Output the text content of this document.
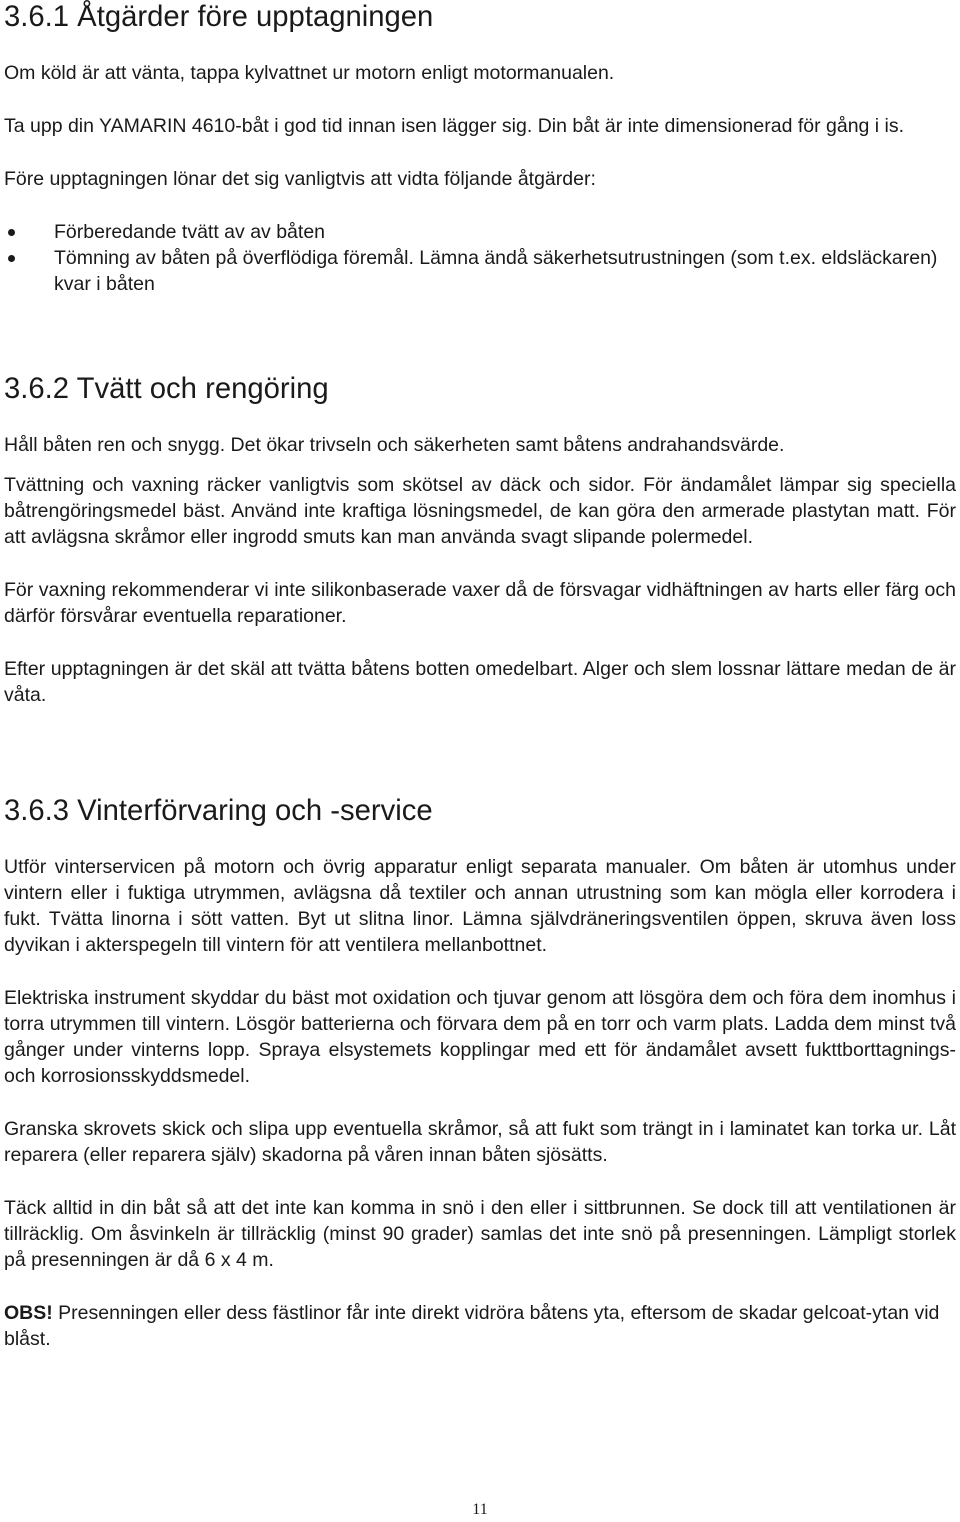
3.6.1 Åtgärder före upptagningen

Om köld är att vänta, tappa kylvattnet ur motorn enligt motormanualen.

Ta upp din YAMARIN 4610-båt i god tid innan isen lägger sig. Din båt är inte dimensionerad för gång i is.

Före upptagningen lönar det sig vanligtvis att vidta följande åtgärder:

Förberedande tvätt av av båten
Tömning av båten på överflödiga föremål. Lämna ändå säkerhetsutrustningen (som t.ex. eldsläckaren) kvar i båten
3.6.2 Tvätt och rengöring

Håll båten ren och snygg. Det ökar trivseln och säkerheten samt båtens andrahandsvärde.

Tvättning och vaxning räcker vanligtvis som skötsel av däck och sidor. För ändamålet lämpar sig speciella båtrengöringsmedel bäst. Använd inte kraftiga lösningsmedel, de kan göra den armerade plastytan matt. För att avlägsna skråmor eller ingrodd smuts kan man använda svagt slipande polermedel.

För vaxning rekommenderar vi inte silikonbaserade vaxer då de försvagar vidhäftningen av harts eller färg och därför försvårar eventuella reparationer.

Efter upptagningen är det skäl att tvätta båtens botten omedelbart. Alger och slem lossnar lättare medan de är våta.

3.6.3 Vinterförvaring och -service

Utför vinterservicen på motorn och övrig apparatur enligt separata manualer. Om båten är utomhus under vintern eller i fuktiga utrymmen, avlägsna då textiler och annan utrustning som kan mögla eller korrodera i fukt. Tvätta linorna i sött vatten. Byt ut slitna linor. Lämna självdräneringsventilen öppen, skruva även loss dyvikan i akterspegeln till vintern för att ventilera mellanbottnet.

Elektriska instrument skyddar du bäst mot oxidation och tjuvar genom att lösgöra dem och föra dem inomhus i torra utrymmen till vintern. Lösgör batterierna och förvara dem på en torr och varm plats. Ladda dem minst två gånger under vinterns lopp. Spraya elsystemets kopplingar med ett för ändamålet avsett fukttborttagnings- och korrosionsskyddsmedel.

Granska skrovets skick och slipa upp eventuella skråmor, så att fukt som trängt in i laminatet kan torka ur. Låt reparera (eller reparera själv) skadorna på våren innan båten sjösätts.

Täck alltid in din båt så att det inte kan komma in snö i den eller i sittbrunnen. Se dock till att ventilationen är tillräcklig. Om åsvinkeln är tillräcklig (minst 90 grader) samlas det inte snö på presenningen. Lämpligt storlek på presenningen är då 6 x 4 m.

OBS! Presenningen eller dess fästlinor får inte direkt vidröra båtens yta, eftersom de skadar gelcoat-ytan vid blåst.

11
